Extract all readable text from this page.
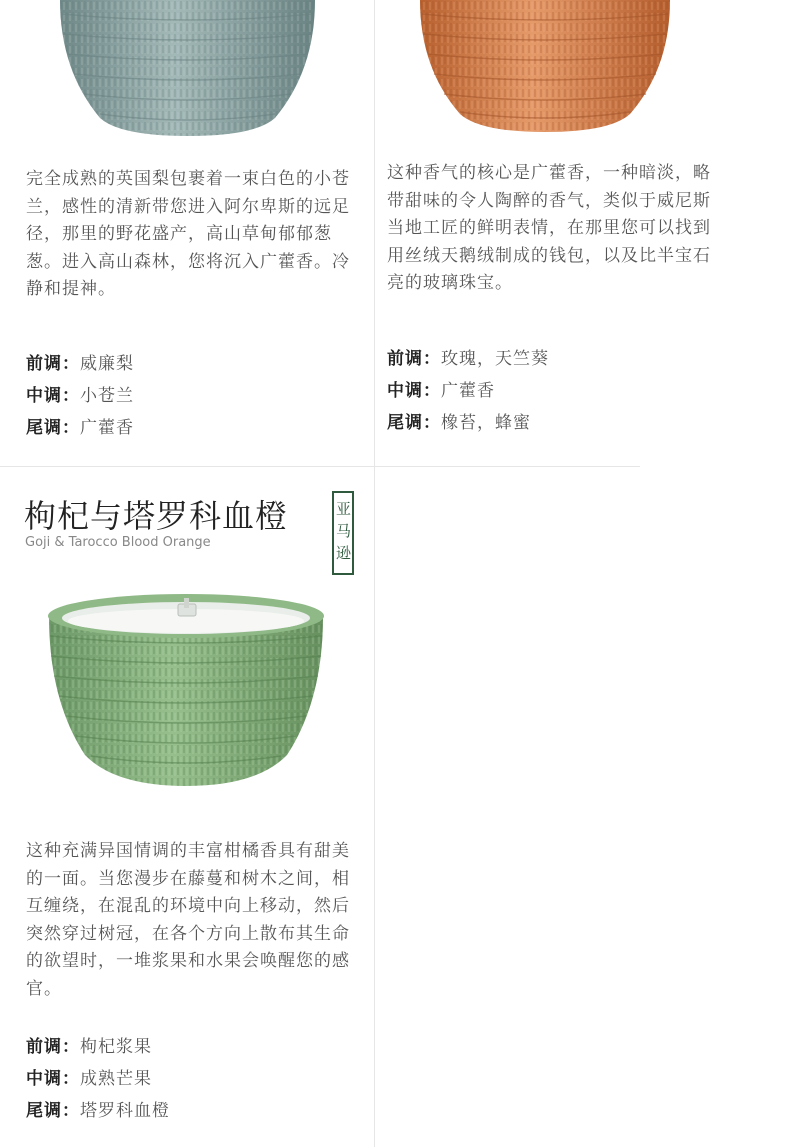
完全成熟的英国梨包裹着一束白色的小苍兰，感性的清新带您进入阿尔卑斯的远足径，那里的野花盛产，高山草甸郁郁葱葱。进入高山森林，您将沉入广藿香。冷静和提神。

这种香气的核心是广藿香，一种暗淡，略带甜味的令人陶醉的香气，类似于威尼斯当地工匠的鲜明表情，在那里您可以找到用丝绒天鹅绒制成的钱包，以及比半宝石亮的玻璃珠宝。

前调：威廉梨
中调：小苍兰
尾调：广藿香
前调：玫瑰，天竺葵
中调：广藿香
尾调：橡苔，蜂蜜
枸杞与塔罗科血橙
Goji & Tarocco Blood Orange
亚马逊

这种充满异国情调的丰富柑橘香具有甜美的一面。当您漫步在藤蔓和树木之间，相互缠绕，在混乱的环境中向上移动，然后突然穿过树冠，在各个方向上散布其生命的欲望时，一堆浆果和水果会唤醒您的感官。

前调：枸杞浆果
中调：成熟芒果
尾调：塔罗科血橙
